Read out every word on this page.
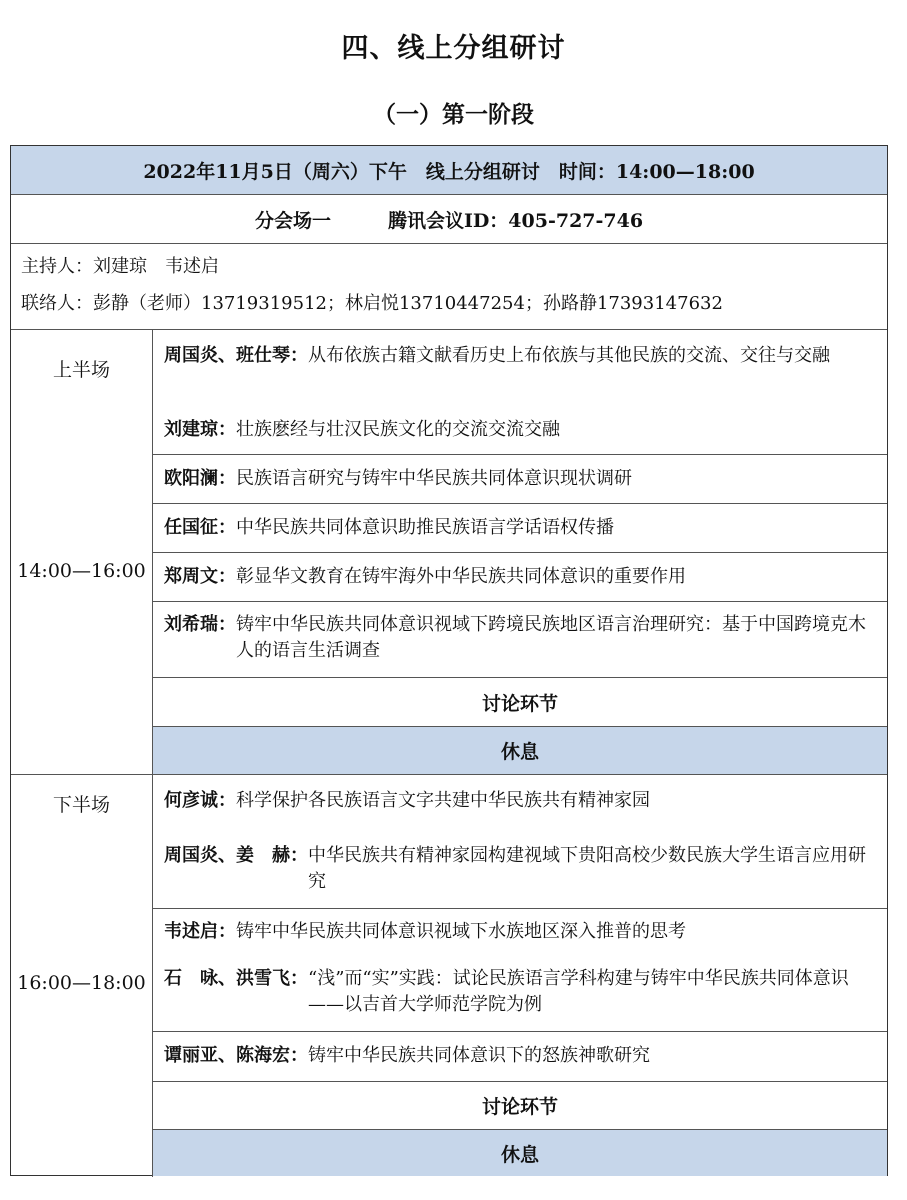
四、线上分组研讨
（一）第一阶段
2022年11月5日（周六）下午　线上分组研讨　时间：14:00—18:00
分会场一　　　腾讯会议ID：405-727-746
主持人：刘建琼　韦述启
联络人：彭静（老师）13719319512；林启悦13710447254；孙路静17393147632
上半场
14:00—16:00
周国炎、班仕琴： 从布依族古籍文献看历史上布依族与其他民族的交流、交往与交融
刘建琼： 壮族麽经与壮汉民族文化的交流交流交融
欧阳澜： 民族语言研究与铸牢中华民族共同体意识现状调研
任国征： 中华民族共同体意识助推民族语言学话语权传播
郑周文： 彰显华文教育在铸牢海外中华民族共同体意识的重要作用
刘希瑞： 铸牢中华民族共同体意识视域下跨境民族地区语言治理研究：基于中国跨境克木人的语言生活调查
讨论环节
休息
下半场
16:00—18:00
何彦诚： 科学保护各民族语言文字共建中华民族共有精神家园
周国炎、姜　赫： 中华民族共有精神家园构建视域下贵阳高校少数民族大学生语言应用研究
韦述启： 铸牢中华民族共同体意识视域下水族地区深入推普的思考
石　咏、洪雪飞： “浅”而“实”实践：试论民族语言学科构建与铸牢中华民族共同体意识——以吉首大学师范学院为例
谭丽亚、陈海宏： 铸牢中华民族共同体意识下的怒族神歌研究
讨论环节
休息
